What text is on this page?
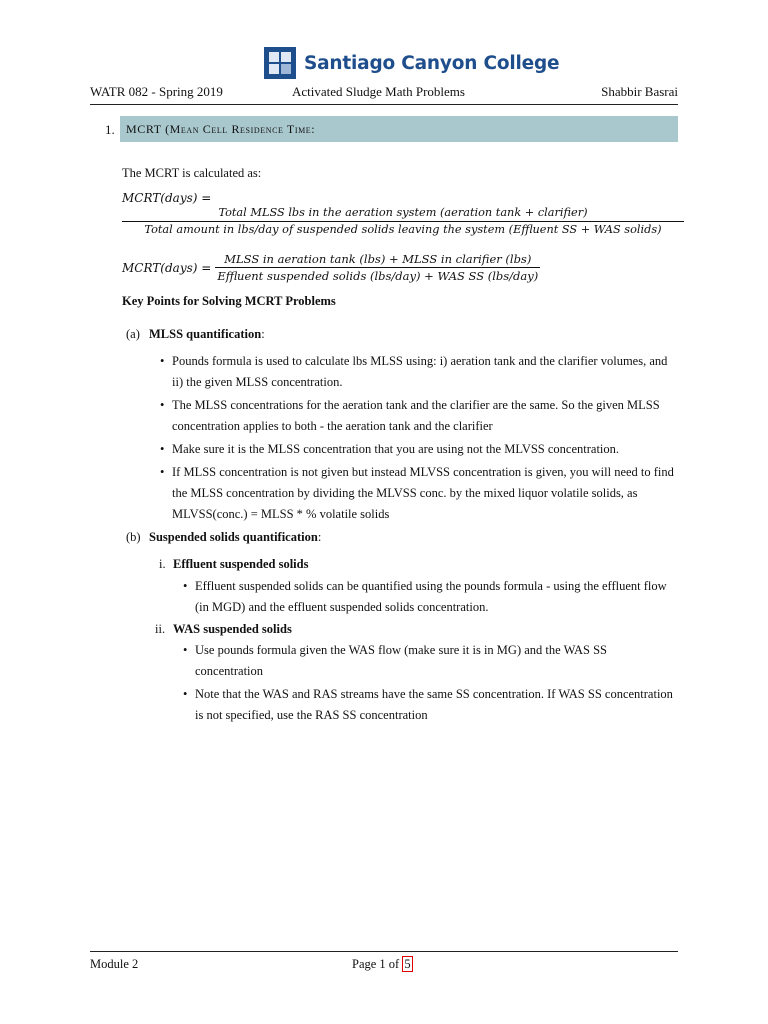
Santiago Canyon College
WATR 082 - Spring 2019	Activated Sludge Math Problems	Shabbir Basrai
1. MCRT (Mean Cell Residence Time:
The MCRT is calculated as:
MCRT(days) =
Total MLSS lbs in the aeration system (aeration tank + clarifier)
Total amount in lbs/day of suspended solids leaving the system (Effluent SS + WAS solids)
MCRT(days) = $\frac{\text{MLSS in aeration tank (lbs) + MLSS in clarifier (lbs)}}{\text{Effluent suspended solids (lbs/day) + WAS SS (lbs/day)}}$
Key Points for Solving MCRT Problems
(a) MLSS quantification:
• Pounds formula is used to calculate lbs MLSS using: i) aeration tank and the clarifier volumes, and ii) the given MLSS concentration.
• The MLSS concentrations for the aeration tank and the clarifier are the same. So the given MLSS concentration applies to both - the aeration tank and the clarifier
• Make sure it is the MLSS concentration that you are using not the MLVSS concentration.
• If MLSS concentration is not given but instead MLVSS concentration is given, you will need to find the MLSS concentration by dividing the MLVSS conc. by the mixed liquor volatile solids, as MLVSS(conc.) = MLSS * % volatile solids
(b) Suspended solids quantification:
i. Effluent suspended solids
• Effluent suspended solids can be quantified using the pounds formula - using the effluent flow (in MGD) and the effluent suspended solids concentration.
ii. WAS suspended solids
• Use pounds formula given the WAS flow (make sure it is in MG) and the WAS SS concentration
• Note that the WAS and RAS streams have the same SS concentration. If WAS SS concentration is not specified, use the RAS SS concentration
Module 2	Page 1 of 5
